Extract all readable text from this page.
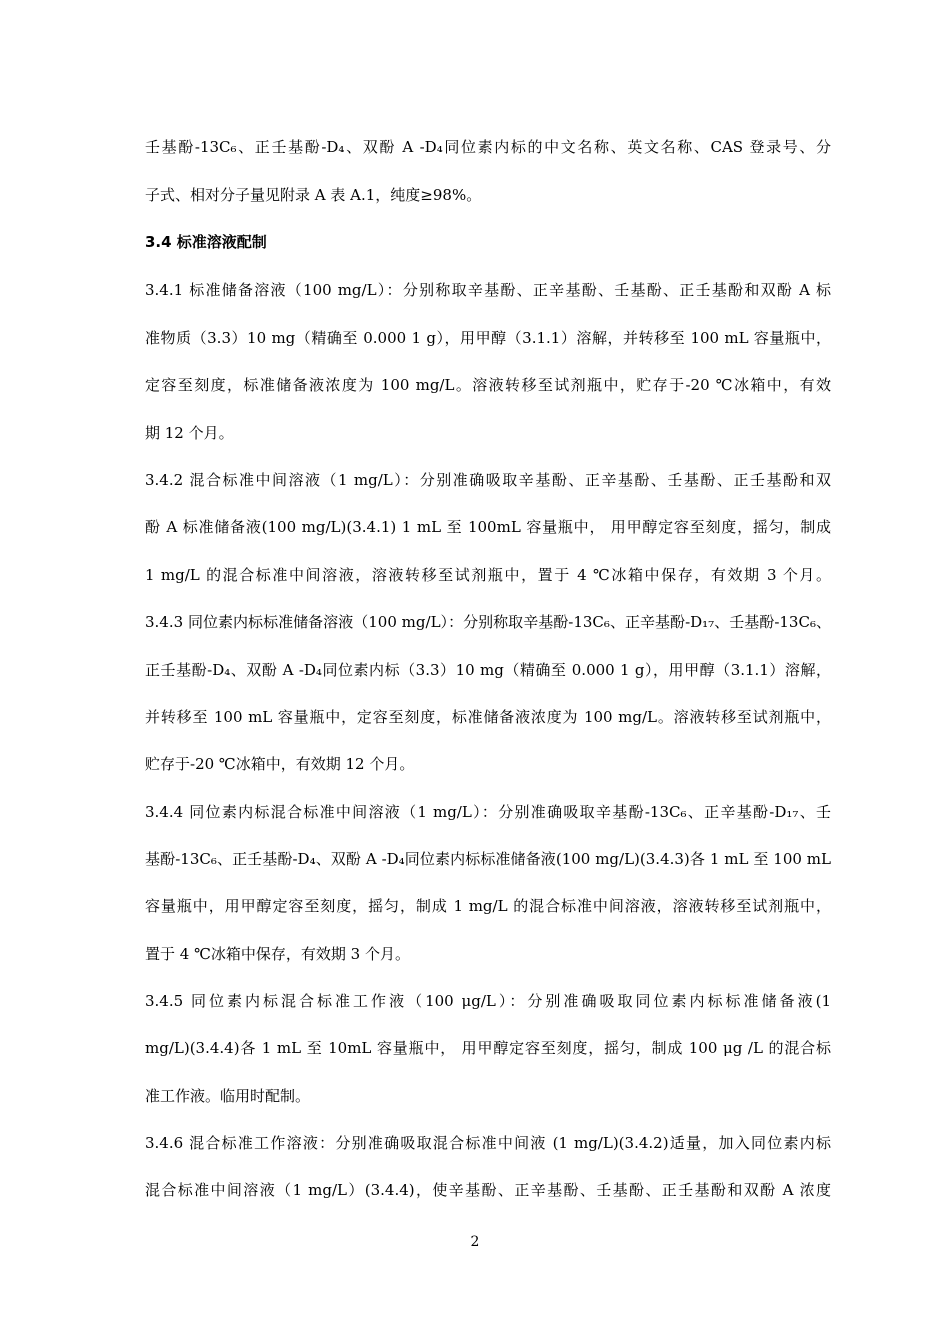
壬基酚-13C₆、正壬基酚-D₄、双酚 A -D₄同位素内标的中文名称、英文名称、CAS 登录号、分
子式、相对分子量见附录 A 表 A.1，纯度≥98%。
3.4 标准溶液配制
3.4.1 标准储备溶液（100 mg/L）：分别称取辛基酚、正辛基酚、壬基酚、正壬基酚和双酚 A 标
准物质（3.3）10 mg（精确至 0.000 1 g），用甲醇（3.1.1）溶解，并转移至 100 mL 容量瓶中，
定容至刻度，标准储备液浓度为 100 mg/L。溶液转移至试剂瓶中，贮存于-20 ℃冰箱中，有效
期 12 个月。
3.4.2 混合标准中间溶液（1 mg/L）：分别准确吸取辛基酚、正辛基酚、壬基酚、正壬基酚和双
酚 A 标准储备液(100 mg/L)(3.4.1) 1 mL 至 100mL 容量瓶中， 用甲醇定容至刻度，摇匀，制成
1 mg/L 的混合标准中间溶液，溶液转移至试剂瓶中，置于 4 ℃冰箱中保存，有效期 3 个月。
3.4.3 同位素内标标准储备溶液（100 mg/L）：分别称取辛基酚-13C₆、正辛基酚-D₁₇、壬基酚-13C₆、
正壬基酚-D₄、双酚 A -D₄同位素内标（3.3）10 mg（精确至 0.000 1 g），用甲醇（3.1.1）溶解，
并转移至 100 mL 容量瓶中，定容至刻度，标准储备液浓度为 100 mg/L。溶液转移至试剂瓶中，
贮存于-20 ℃冰箱中，有效期 12 个月。
3.4.4 同位素内标混合标准中间溶液（1 mg/L）：分别准确吸取辛基酚-13C₆、正辛基酚-D₁₇、壬
基酚-13C₆、正壬基酚-D₄、双酚 A -D₄同位素内标标准储备液(100 mg/L)(3.4.3)各 1 mL 至 100 mL
容量瓶中，用甲醇定容至刻度，摇匀，制成 1 mg/L 的混合标准中间溶液，溶液转移至试剂瓶中，
置于 4 ℃冰箱中保存，有效期 3 个月。
3.4.5 同位素内标混合标准工作液（100 μg/L）：分别准确吸取同位素内标标准储备液(1
mg/L)(3.4.4)各 1 mL 至 10mL 容量瓶中， 用甲醇定容至刻度，摇匀，制成 100 μg /L 的混合标
准工作液。临用时配制。
3.4.6 混合标准工作溶液：分别准确吸取混合标准中间液 (1 mg/L)(3.4.2)适量，加入同位素内标
混合标准中间溶液（1 mg/L）(3.4.4)，使辛基酚、正辛基酚、壬基酚、正壬基酚和双酚 A 浓度
2
